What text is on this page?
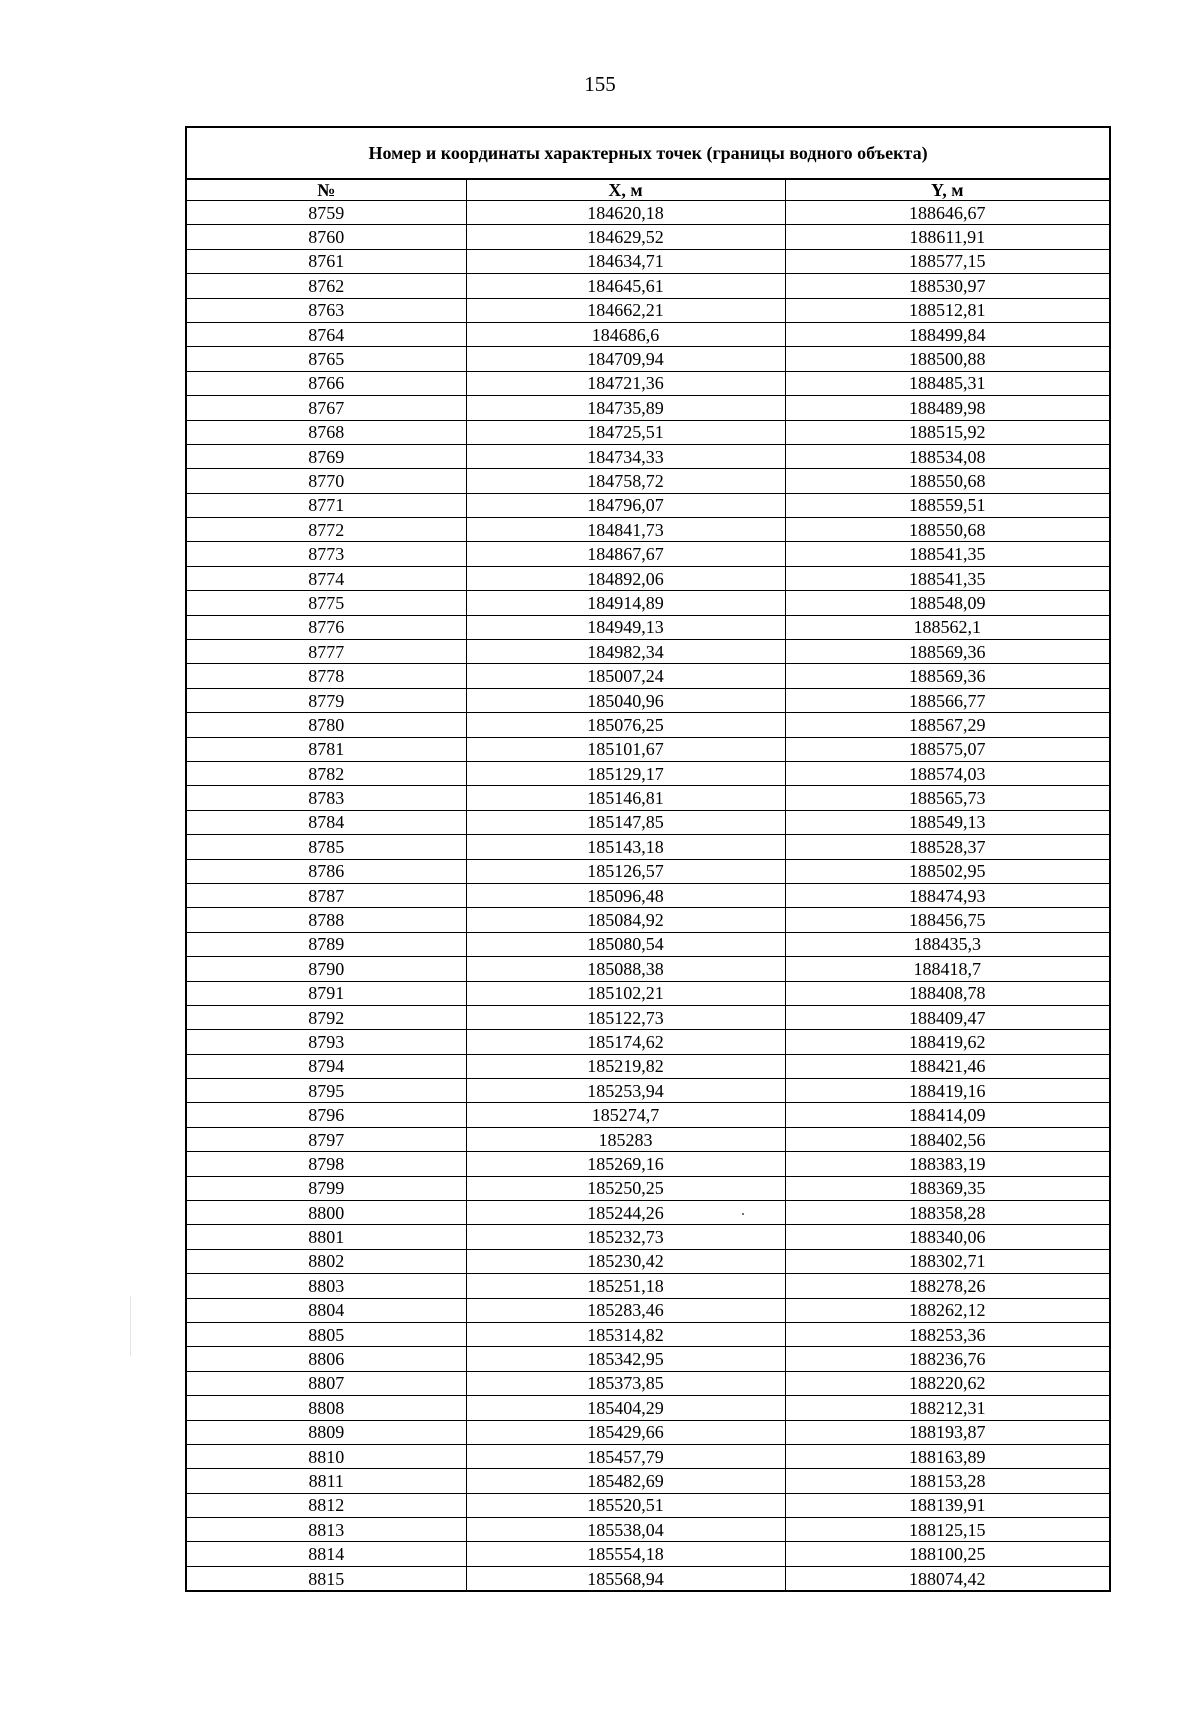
155
Номер и координаты характерных точек (границы водного объекта)		
№	X, м	Y, м
8759	184620,18	188646,67
8760	184629,52	188611,91
8761	184634,71	188577,15
8762	184645,61	188530,97
8763	184662,21	188512,81
8764	184686,6	188499,84
8765	184709,94	188500,88
8766	184721,36	188485,31
8767	184735,89	188489,98
8768	184725,51	188515,92
8769	184734,33	188534,08
8770	184758,72	188550,68
8771	184796,07	188559,51
8772	184841,73	188550,68
8773	184867,67	188541,35
8774	184892,06	188541,35
8775	184914,89	188548,09
8776	184949,13	188562,1
8777	184982,34	188569,36
8778	185007,24	188569,36
8779	185040,96	188566,77
8780	185076,25	188567,29
8781	185101,67	188575,07
8782	185129,17	188574,03
8783	185146,81	188565,73
8784	185147,85	188549,13
8785	185143,18	188528,37
8786	185126,57	188502,95
8787	185096,48	188474,93
8788	185084,92	188456,75
8789	185080,54	188435,3
8790	185088,38	188418,7
8791	185102,21	188408,78
8792	185122,73	188409,47
8793	185174,62	188419,62
8794	185219,82	188421,46
8795	185253,94	188419,16
8796	185274,7	188414,09
8797	185283	188402,56
8798	185269,16	188383,19
8799	185250,25	188369,35
8800	185244,26	188358,28
8801	185232,73	188340,06
8802	185230,42	188302,71
8803	185251,18	188278,26
8804	185283,46	188262,12
8805	185314,82	188253,36
8806	185342,95	188236,76
8807	185373,85	188220,62
8808	185404,29	188212,31
8809	185429,66	188193,87
8810	185457,79	188163,89
8811	185482,69	188153,28
8812	185520,51	188139,91
8813	185538,04	188125,15
8814	185554,18	188100,25
8815	185568,94	188074,42
